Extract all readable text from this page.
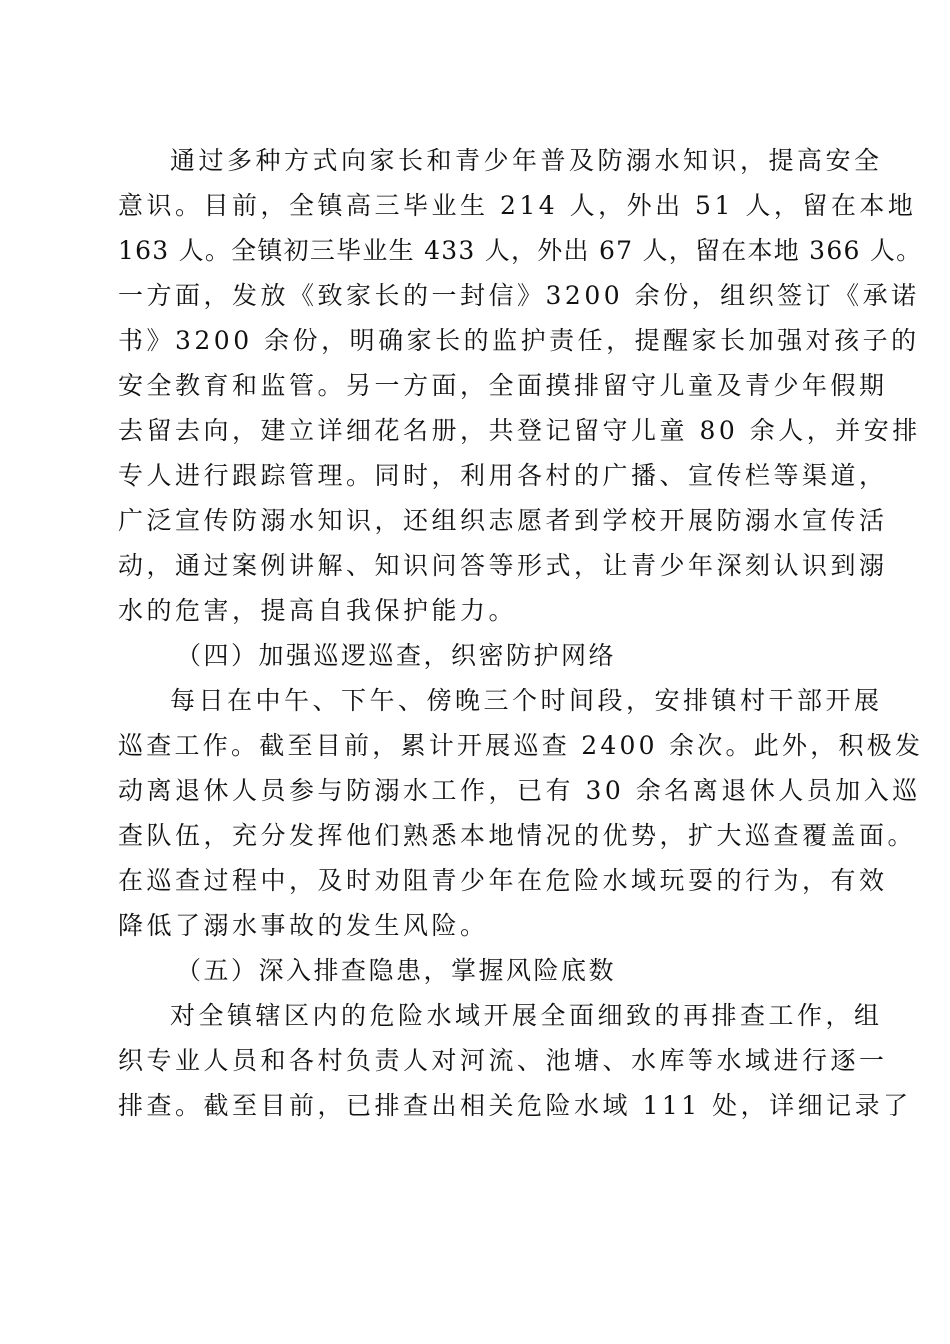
通过多种方式向家长和青少年普及防溺水知识，提高安全
意识。目前，全镇高三毕业生 214 人，外出 51 人，留在本地
163 人。全镇初三毕业生 433 人，外出 67 人，留在本地 366 人。
一方面，发放《致家长的一封信》3200 余份，组织签订《承诺
书》3200 余份，明确家长的监护责任，提醒家长加强对孩子的
安全教育和监管。另一方面，全面摸排留守儿童及青少年假期
去留去向，建立详细花名册，共登记留守儿童 80 余人，并安排
专人进行跟踪管理。同时，利用各村的广播、宣传栏等渠道，
广泛宣传防溺水知识，还组织志愿者到学校开展防溺水宣传活
动，通过案例讲解、知识问答等形式，让青少年深刻认识到溺
水的危害，提高自我保护能力。
（四）加强巡逻巡查，织密防护网络
每日在中午、下午、傍晚三个时间段，安排镇村干部开展
巡查工作。截至目前，累计开展巡查 2400 余次。此外，积极发
动离退休人员参与防溺水工作，已有 30 余名离退休人员加入巡
查队伍，充分发挥他们熟悉本地情况的优势，扩大巡查覆盖面。
在巡查过程中，及时劝阻青少年在危险水域玩耍的行为，有效
降低了溺水事故的发生风险。
（五）深入排查隐患，掌握风险底数
对全镇辖区内的危险水域开展全面细致的再排查工作，组
织专业人员和各村负责人对河流、池塘、水库等水域进行逐一
排查。截至目前，已排查出相关危险水域 111 处，详细记录了
